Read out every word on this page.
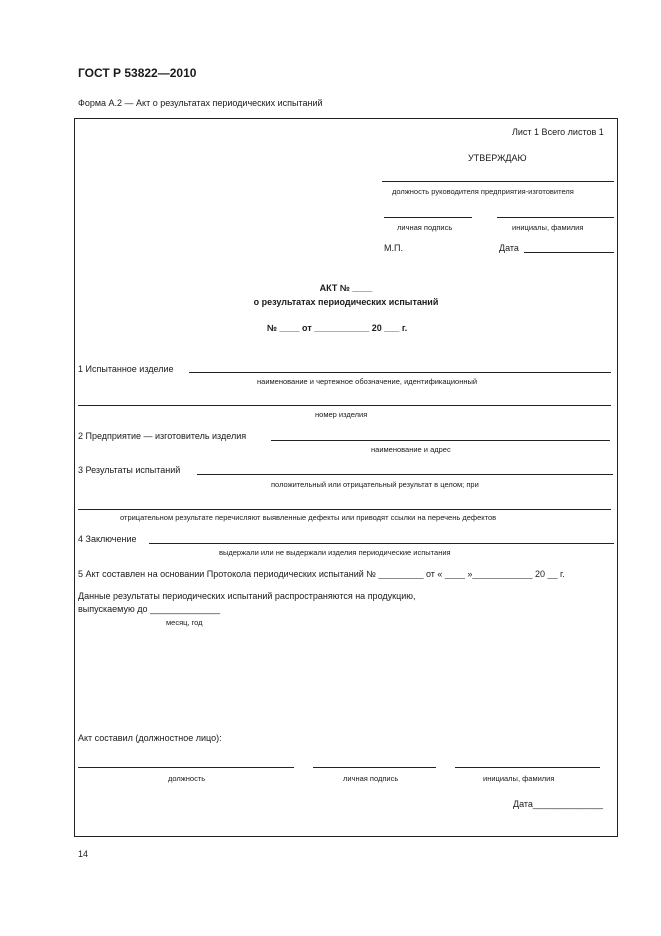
ГОСТ Р 53822—2010
Форма А.2 — Акт о результатах периодических испытаний
Лист 1 Всего листов 1
УТВЕРЖДАЮ
должность руководителя предприятия-изготовителя
личная подпись	инициалы, фамилия
М.П.	Дата
АКТ № ____
о результатах периодических испытаний
№ ____ от ___________ 20 ___ г.
1 Испытанное изделие
наименование и чертежное обозначение, идентификационный
номер изделия
2 Предприятие — изготовитель изделия
наименование и адрес
3 Результаты испытаний
положительный или отрицательный результат в целом; при
отрицательном результате перечисляют выявленные дефекты или приводят ссылки на перечень дефектов
4 Заключение
выдержали или не выдержали изделия периодические испытания
5 Акт составлен на основании Протокола периодических испытаний № _________ от « ____ »____________ 20 __ г.
Данные результаты периодических испытаний распространяются на продукцию,
выпускаемую до ______________
месяц, год
Акт составил (должностное лицо):
должность	личная подпись	инициалы, фамилия
Дата______________
14
